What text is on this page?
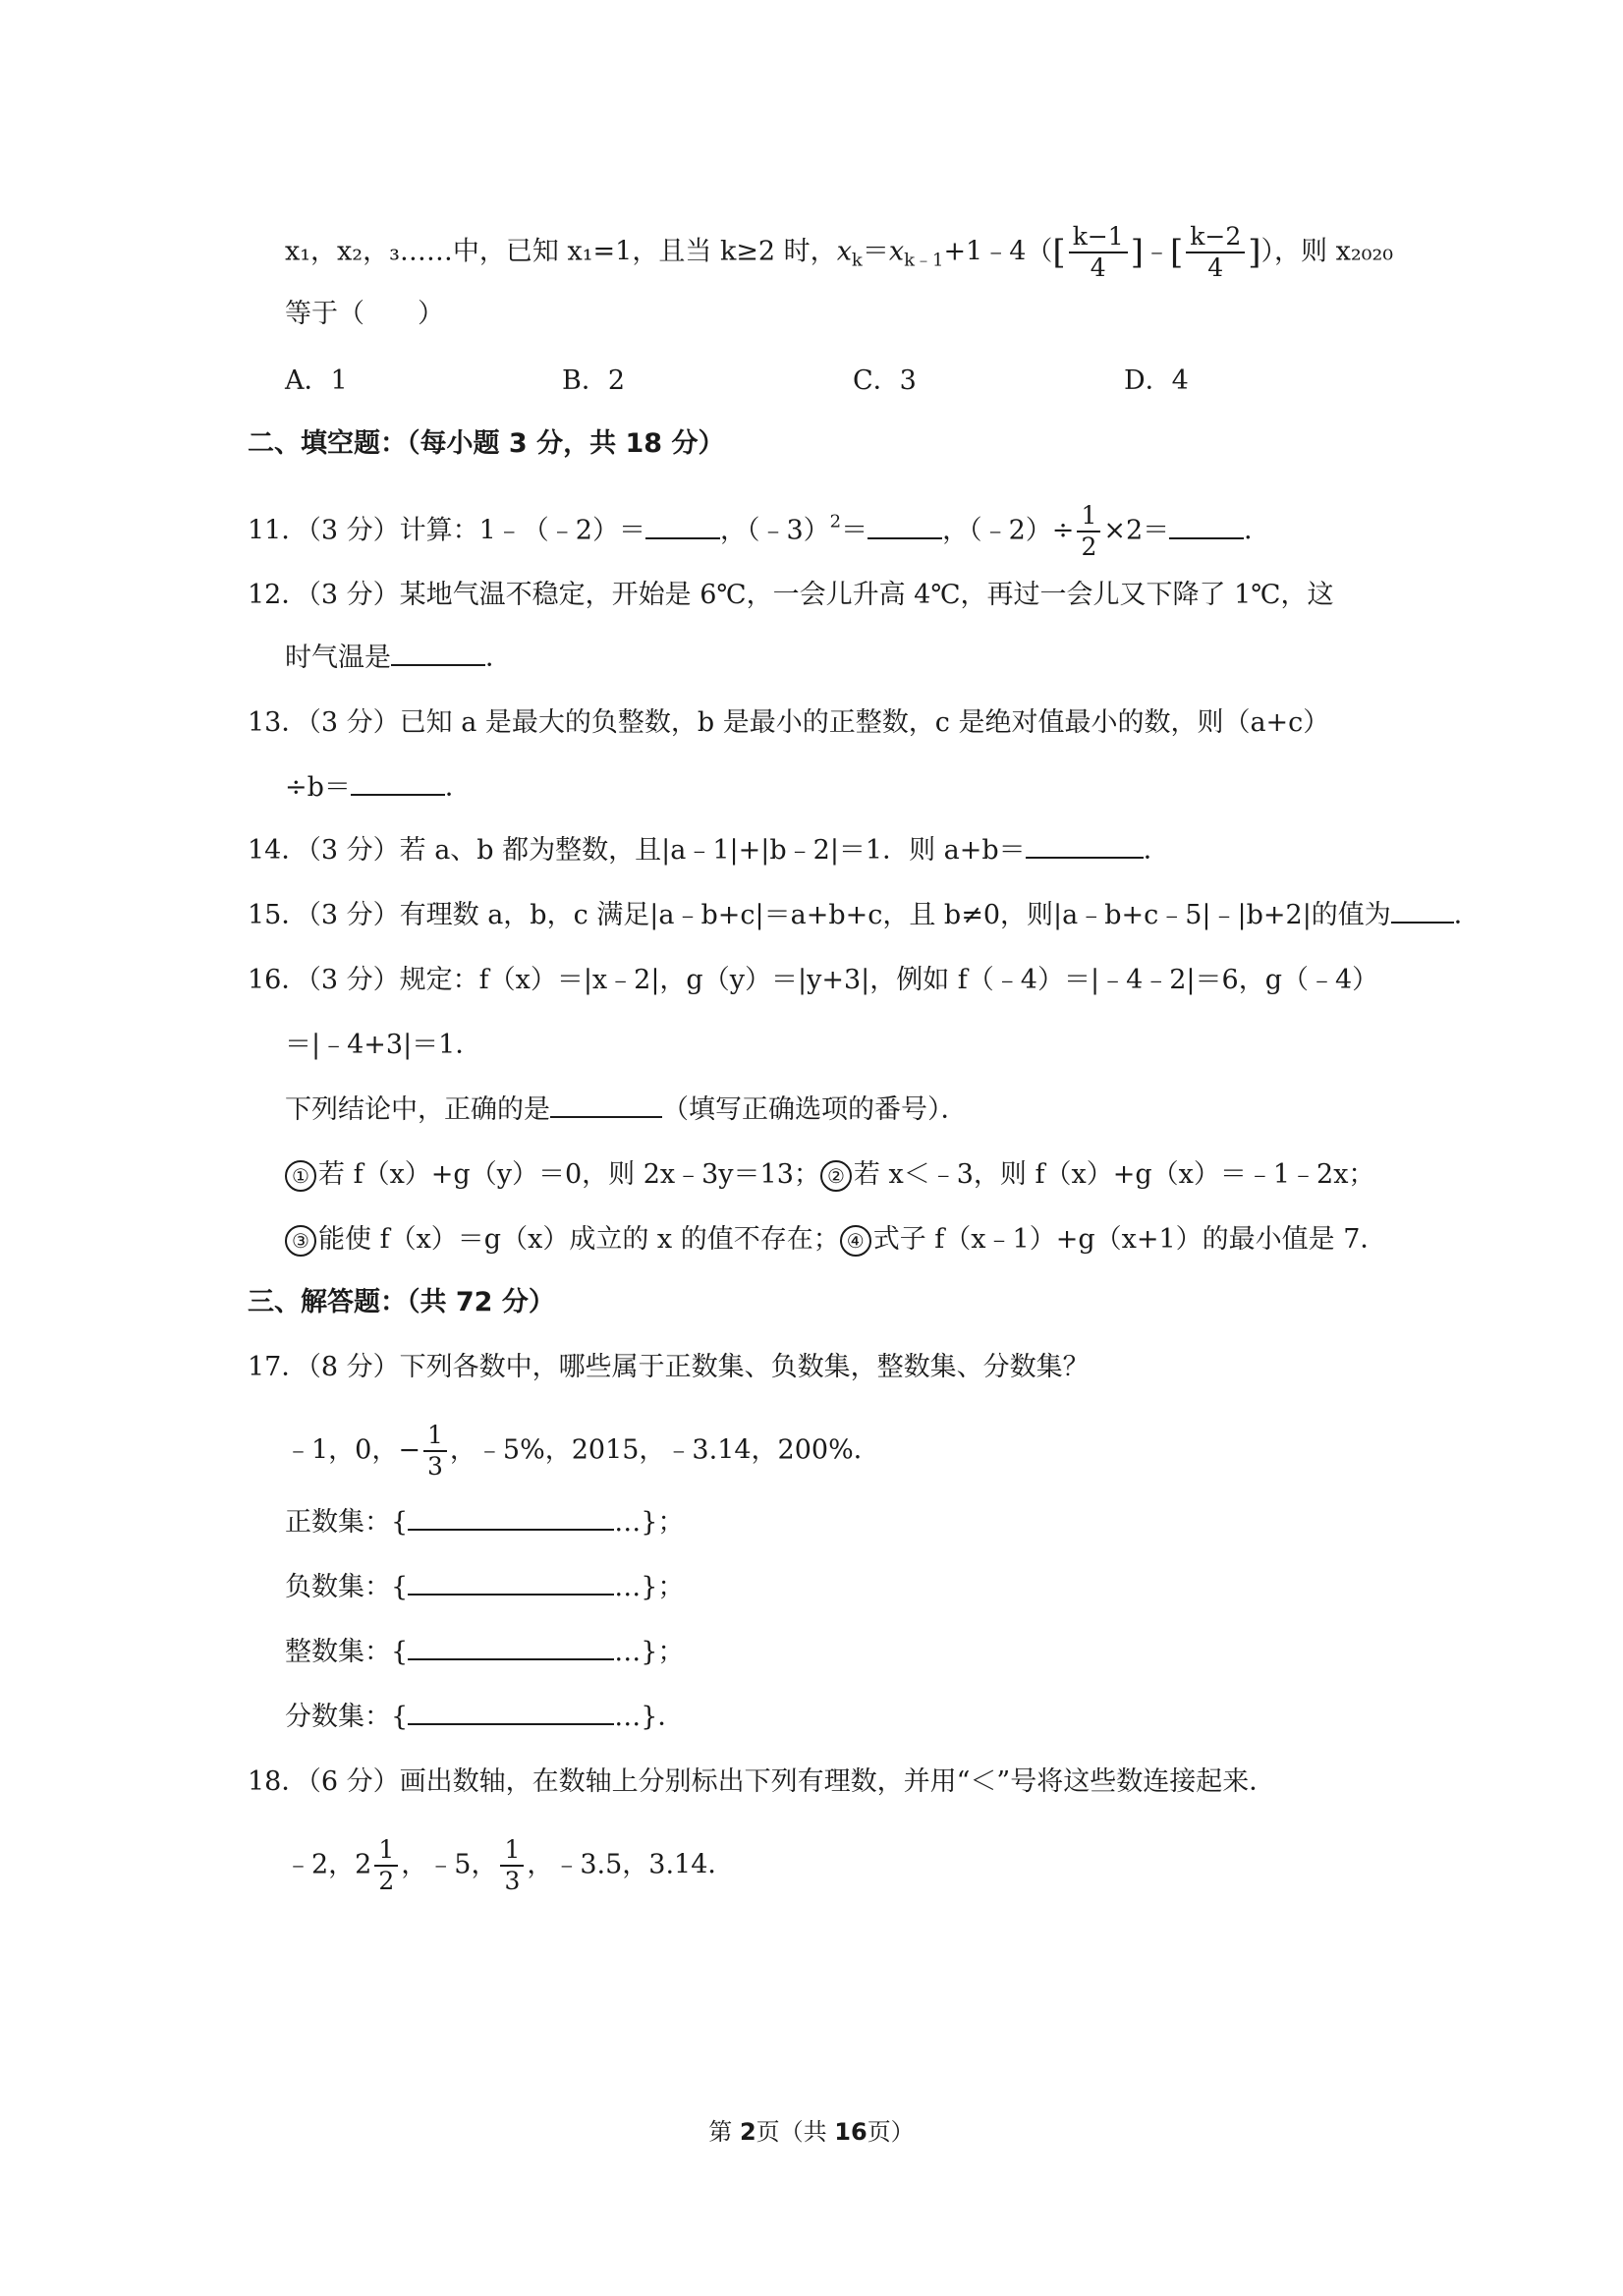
x₁，x₂，₃……中，已知 x₁=1，且当 k≥2 时，$x_k=x_{k﹣1}+1﹣4([ \frac{k-1}{4}$ ]﹣[ $\frac{k-2}{4}$ ]），则 x₂₀₂₀
等于（　　）
A．1	B．2	C．3	D．4
二、填空题：（每小题 3 分，共 18 分）
11．（3 分）计算：1﹣（﹣2）＝	，（﹣3）$^2$＝	，（﹣2）÷ $\frac{1}{2} \times 2=$	．
12．（3 分）某地气温不稳定，开始是 6℃，一会儿升高 4℃，再过一会儿又下降了 1℃，这
时气温是	．
13．（3 分）已知 a 是最大的负整数，b 是最小的正整数，c 是绝对值最小的数，则（a+c）
÷b＝	．
14．（3 分）若 a、b 都为整数，且|a﹣1|+|b﹣2|＝1．则 a+b＝	．
15．（3 分）有理数 a，b，c 满足|a﹣b+c|＝a+b+c，且 b≠0，则|a﹣b+c﹣5|﹣|b+2|的值为 ．
16．（3 分）规定：f（x）＝|x﹣2|，g（y）＝|y+3|，例如 f（﹣4）＝|﹣4﹣2|＝6，g（﹣4）
＝|﹣4+3|＝1．
下列结论中，正确的是	（填写正确选项的番号）．
① 若 f（x）+g（y）＝0，则 2x﹣3y＝13； ② 若 x＜﹣3，则 f（x）+g（x）＝﹣1﹣2x；
③ 能使 f（x）＝g（x）成立的 x 的值不存在； ④ 式子 f（x﹣1）+g（x+1）的最小值是 7．
三、解答题：（共 72 分）
17．（8 分）下列各数中，哪些属于正数集、负数集，整数集、分数集？
﹣1，0，− $\frac{1}{3}$ ，﹣5%，2015，﹣3.14，200%．
正数集：{	…}；
负数集：{	…}；
整数集：{	…}；
分数集：{	…}．
18．（6 分）画出数轴，在数轴上分别标出下列有理数，并用“＜”号将这些数连接起来．
﹣2，$2 \frac{1}{2}$ ，﹣5， $\frac{1}{3}$ ，﹣3.5，3.14．
第 2页（共 16页）
